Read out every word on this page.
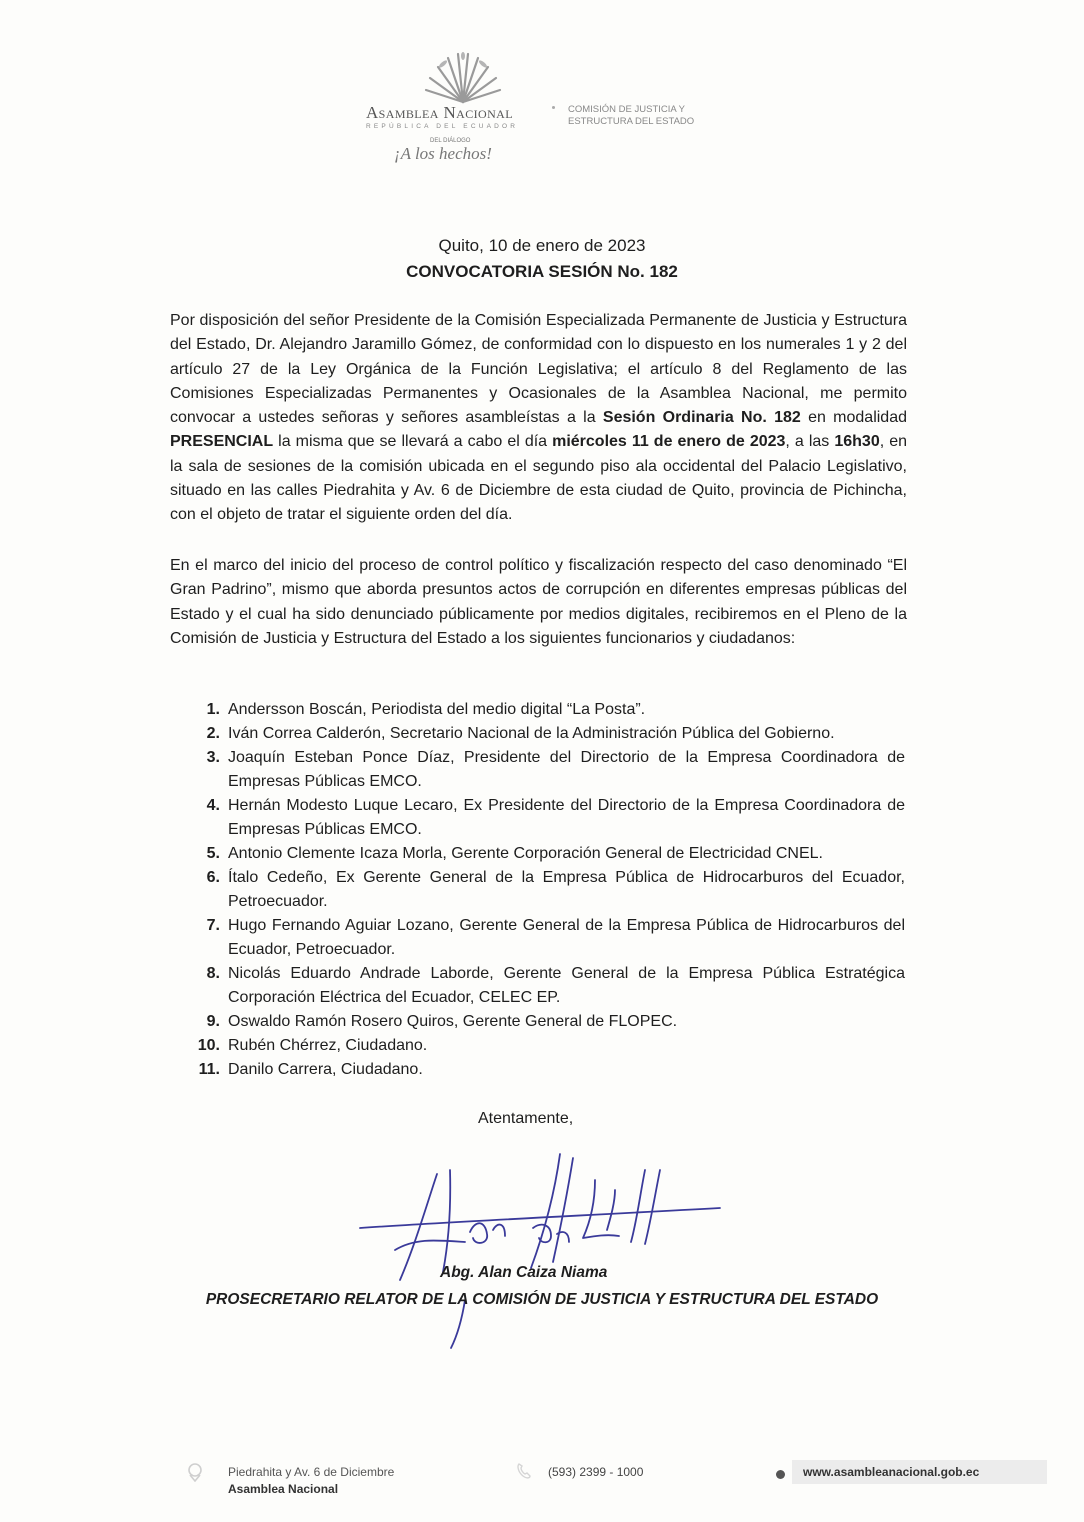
Asamblea Nacional
REPÚBLICA DEL ECUADOR
COMISIÓN DE JUSTICIA Y
ESTRUCTURA DEL ESTADO
DEL DIÁLOGO
¡A los hechos!
Quito, 10 de enero de 2023
CONVOCATORIA SESIÓN No. 182

Por disposición del señor Presidente de la Comisión Especializada Permanente de Justicia y Estructura del Estado, Dr. Alejandro Jaramillo Gómez, de conformidad con lo dispuesto en los numerales 1 y 2 del artículo 27 de la Ley Orgánica de la Función Legislativa; el artículo 8 del Reglamento de las Comisiones Especializadas Permanentes y Ocasionales de la Asamblea Nacional, me permito convocar a ustedes señoras y señores asambleístas a la Sesión Ordinaria No. 182 en modalidad PRESENCIAL la misma que se llevará a cabo el día miércoles 11 de enero de 2023, a las 16h30, en la sala de sesiones de la comisión ubicada en el segundo piso ala occidental del Palacio Legislativo, situado en las calles Piedrahita y Av. 6 de Diciembre de esta ciudad de Quito, provincia de Pichincha, con el objeto de tratar el siguiente orden del día.

En el marco del inicio del proceso de control político y fiscalización respecto del caso denominado “El Gran Padrino”, mismo que aborda presuntos actos de corrupción en diferentes empresas públicas del Estado y el cual ha sido denunciado públicamente por medios digitales, recibiremos en el Pleno de la Comisión de Justicia y Estructura del Estado a los siguientes funcionarios y ciudadanos:

1. Andersson Boscán, Periodista del medio digital “La Posta”.
2. Iván Correa Calderón, Secretario Nacional de la Administración Pública del Gobierno.
3. Joaquín Esteban Ponce Díaz, Presidente del Directorio de la Empresa Coordinadora de Empresas Públicas EMCO.
4. Hernán Modesto Luque Lecaro, Ex Presidente del Directorio de la Empresa Coordinadora de Empresas Públicas EMCO.
5. Antonio Clemente Icaza Morla, Gerente Corporación General de Electricidad CNEL.
6. Ítalo Cedeño, Ex Gerente General de la Empresa Pública de Hidrocarburos del Ecuador, Petroecuador.
7. Hugo Fernando Aguiar Lozano, Gerente General de la Empresa Pública de Hidrocarburos del Ecuador, Petroecuador.
8. Nicolás Eduardo Andrade Laborde, Gerente General de la Empresa Pública Estratégica Corporación Eléctrica del Ecuador, CELEC EP.
9. Oswaldo Ramón Rosero Quiros, Gerente General de FLOPEC.
10. Rubén Chérrez, Ciudadano.
11. Danilo Carrera, Ciudadano.
Atentamente,
Abg. Alan Caiza Niama
PROSECRETARIO RELATOR DE LA COMISIÓN DE JUSTICIA Y ESTRUCTURA DEL ESTADO
Piedrahita y Av. 6 de Diciembre
Asamblea Nacional
(593) 2399 - 1000	www.asambleanacional.gob.ec
